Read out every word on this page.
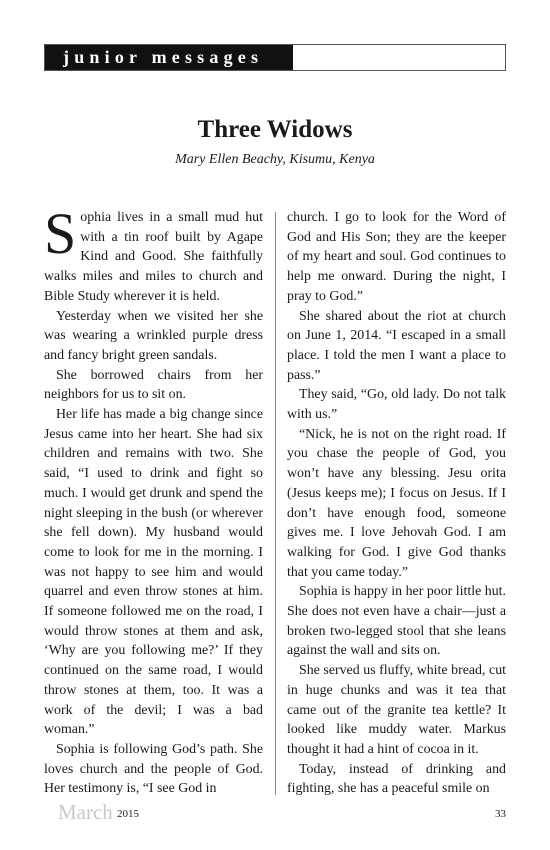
junior messages
Three Widows
Mary Ellen Beachy, Kisumu, Kenya

Sophia lives in a small mud hut with a tin roof built by Agape Kind and Good. She faithfully walks miles and miles to church and Bible Study wherever it is held.

Yesterday when we visited her she was wearing a wrinkled purple dress and fancy bright green sandals.

She borrowed chairs from her neighbors for us to sit on.

Her life has made a big change since Jesus came into her heart. She had six children and remains with two. She said, “I used to drink and fight so much. I would get drunk and spend the night sleeping in the bush (or wherever she fell down). My husband would come to look for me in the morning. I was not happy to see him and would quarrel and even throw stones at him. If someone followed me on the road, I would throw stones at them and ask, ‘Why are you following me?’ If they continued on the same road, I would throw stones at them, too. It was a work of the devil; I was a bad woman.”

Sophia is following God’s path. She loves church and the people of God. Her testimony is, “I see God in

church. I go to look for the Word of God and His Son; they are the keeper of my heart and soul. God continues to help me onward. During the night, I pray to God.”

She shared about the riot at church on June 1, 2014. “I escaped in a small place. I told the men I want a place to pass.”

They said, “Go, old lady. Do not talk with us.”

“Nick, he is not on the right road. If you chase the people of God, you won’t have any blessing. Jesu orita (Jesus keeps me); I focus on Jesus. If I don’t have enough food, someone gives me. I love Jehovah God. I am walking for God. I give God thanks that you came today.”

Sophia is happy in her poor little hut. She does not even have a chair—just a broken two-legged stool that she leans against the wall and sits on.

She served us fluffy, white bread, cut in huge chunks and was it tea that came out of the granite tea kettle? It looked like muddy water. Markus thought it had a hint of cocoa in it.

Today, instead of drinking and fighting, she has a peaceful smile on

March 2015	33
